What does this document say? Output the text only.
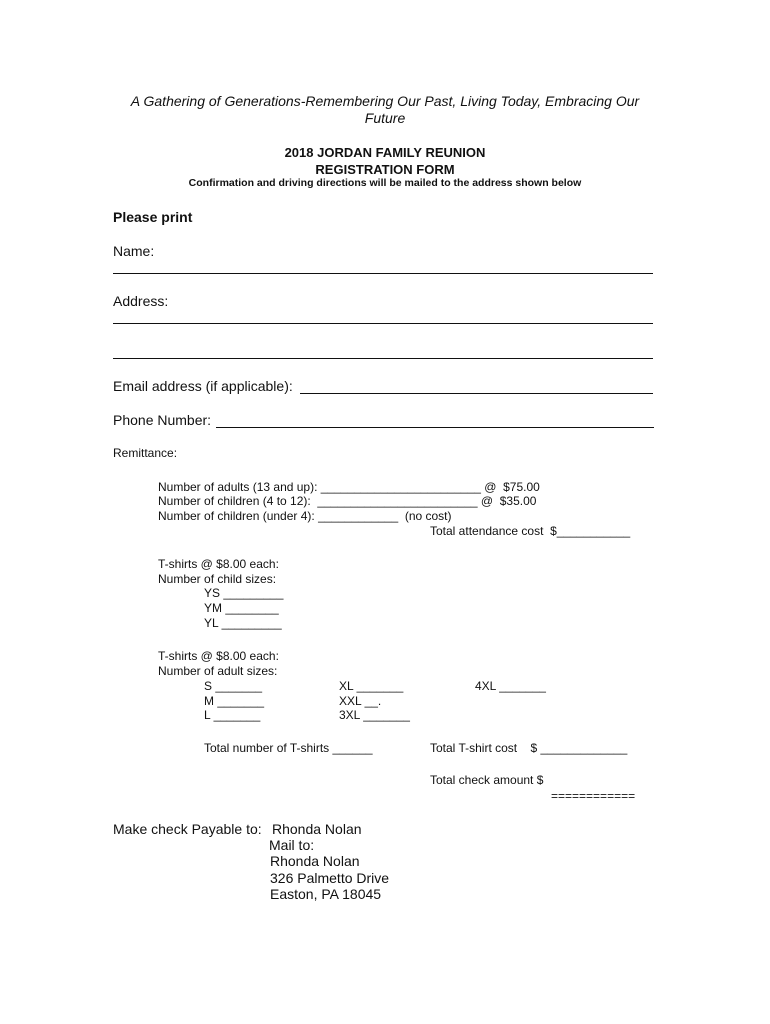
A Gathering of Generations-Remembering Our Past, Living Today, Embracing Our Future
2018 JORDAN FAMILY REUNION
REGISTRATION FORM
Confirmation and driving directions will be mailed to the address shown below
Please print
Name:
Address:
Email address (if applicable):
Phone Number:
Remittance:
Number of adults (13 and up): ________________________ @  $75.00
Number of children (4 to 12):  ________________________ @  $35.00
Number of children (under 4): ____________  (no cost)
Total attendance cost  $___________
T-shirts @ $8.00 each:
Number of child sizes:
YS _________
YM ________
YL _________
T-shirts @ $8.00 each:
Number of adult sizes:
S _______
M _______
L _______
XL _______
XXL __.
3XL _______
4XL _______
Total number of T-shirts ______	Total T-shirt cost    $ _____________
Total check amount $
============
Make check Payable to: Rhonda Nolan
Mail to:
Rhonda Nolan
326 Palmetto Drive
Easton, PA 18045
